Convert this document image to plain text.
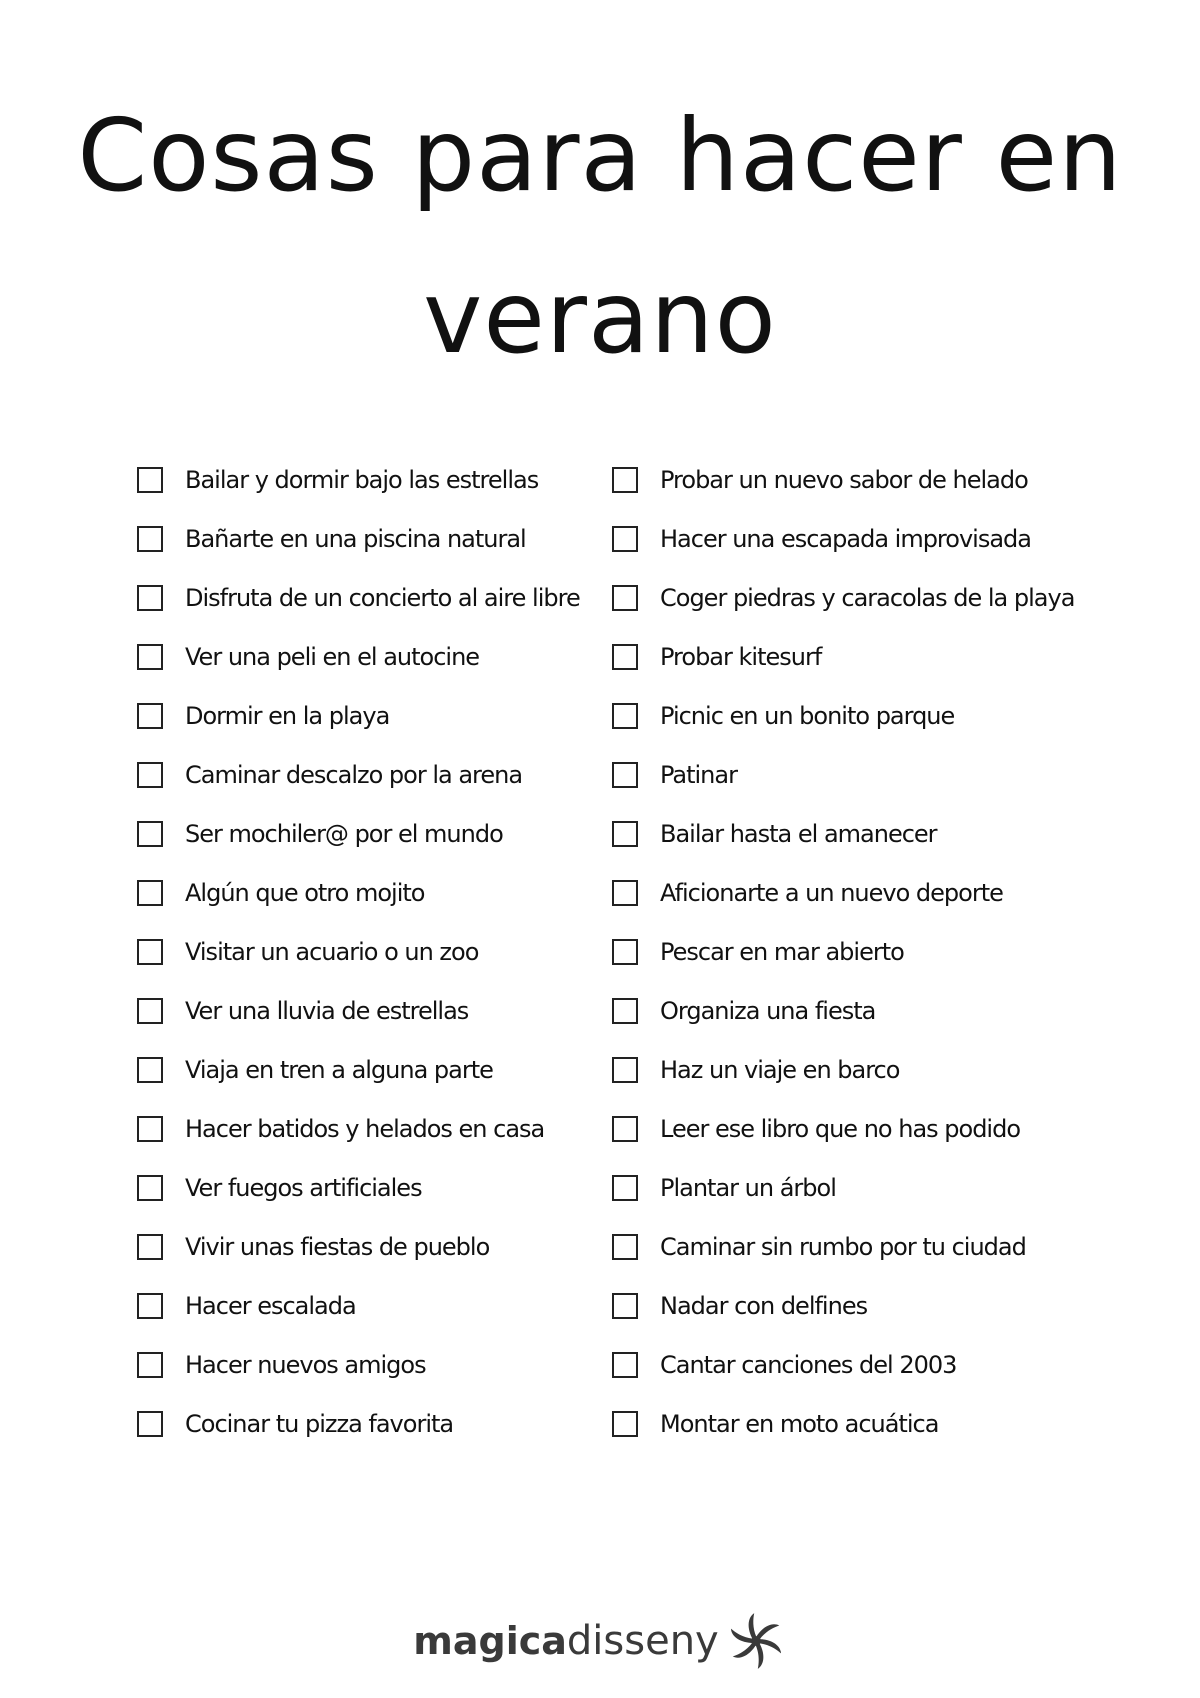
Cosas para hacer en verano
Bailar y dormir bajo las estrellas
Bañarte en una piscina natural
Disfruta de un concierto al aire libre
Ver una peli en el autocine
Dormir en la playa
Caminar descalzo por la arena
Ser mochiler@ por el mundo
Algún que otro mojito
Visitar un acuario o un zoo
Ver una lluvia de estrellas
Viaja en tren a alguna parte
Hacer batidos y helados en casa
Ver fuegos artificiales
Vivir unas fiestas de pueblo
Hacer escalada
Hacer nuevos amigos
Cocinar tu pizza favorita
Probar un nuevo sabor de helado
Hacer una escapada improvisada
Coger piedras y caracolas de la playa
Probar kitesurf
Picnic en un bonito parque
Patinar
Bailar hasta el amanecer
Aficionarte a un nuevo deporte
Pescar en mar abierto
Organiza una fiesta
Haz un viaje en barco
Leer ese libro que no has podido
Plantar un árbol
Caminar sin rumbo por tu ciudad
Nadar con delfines
Cantar canciones del 2003
Montar en moto acuática
magica disseny
